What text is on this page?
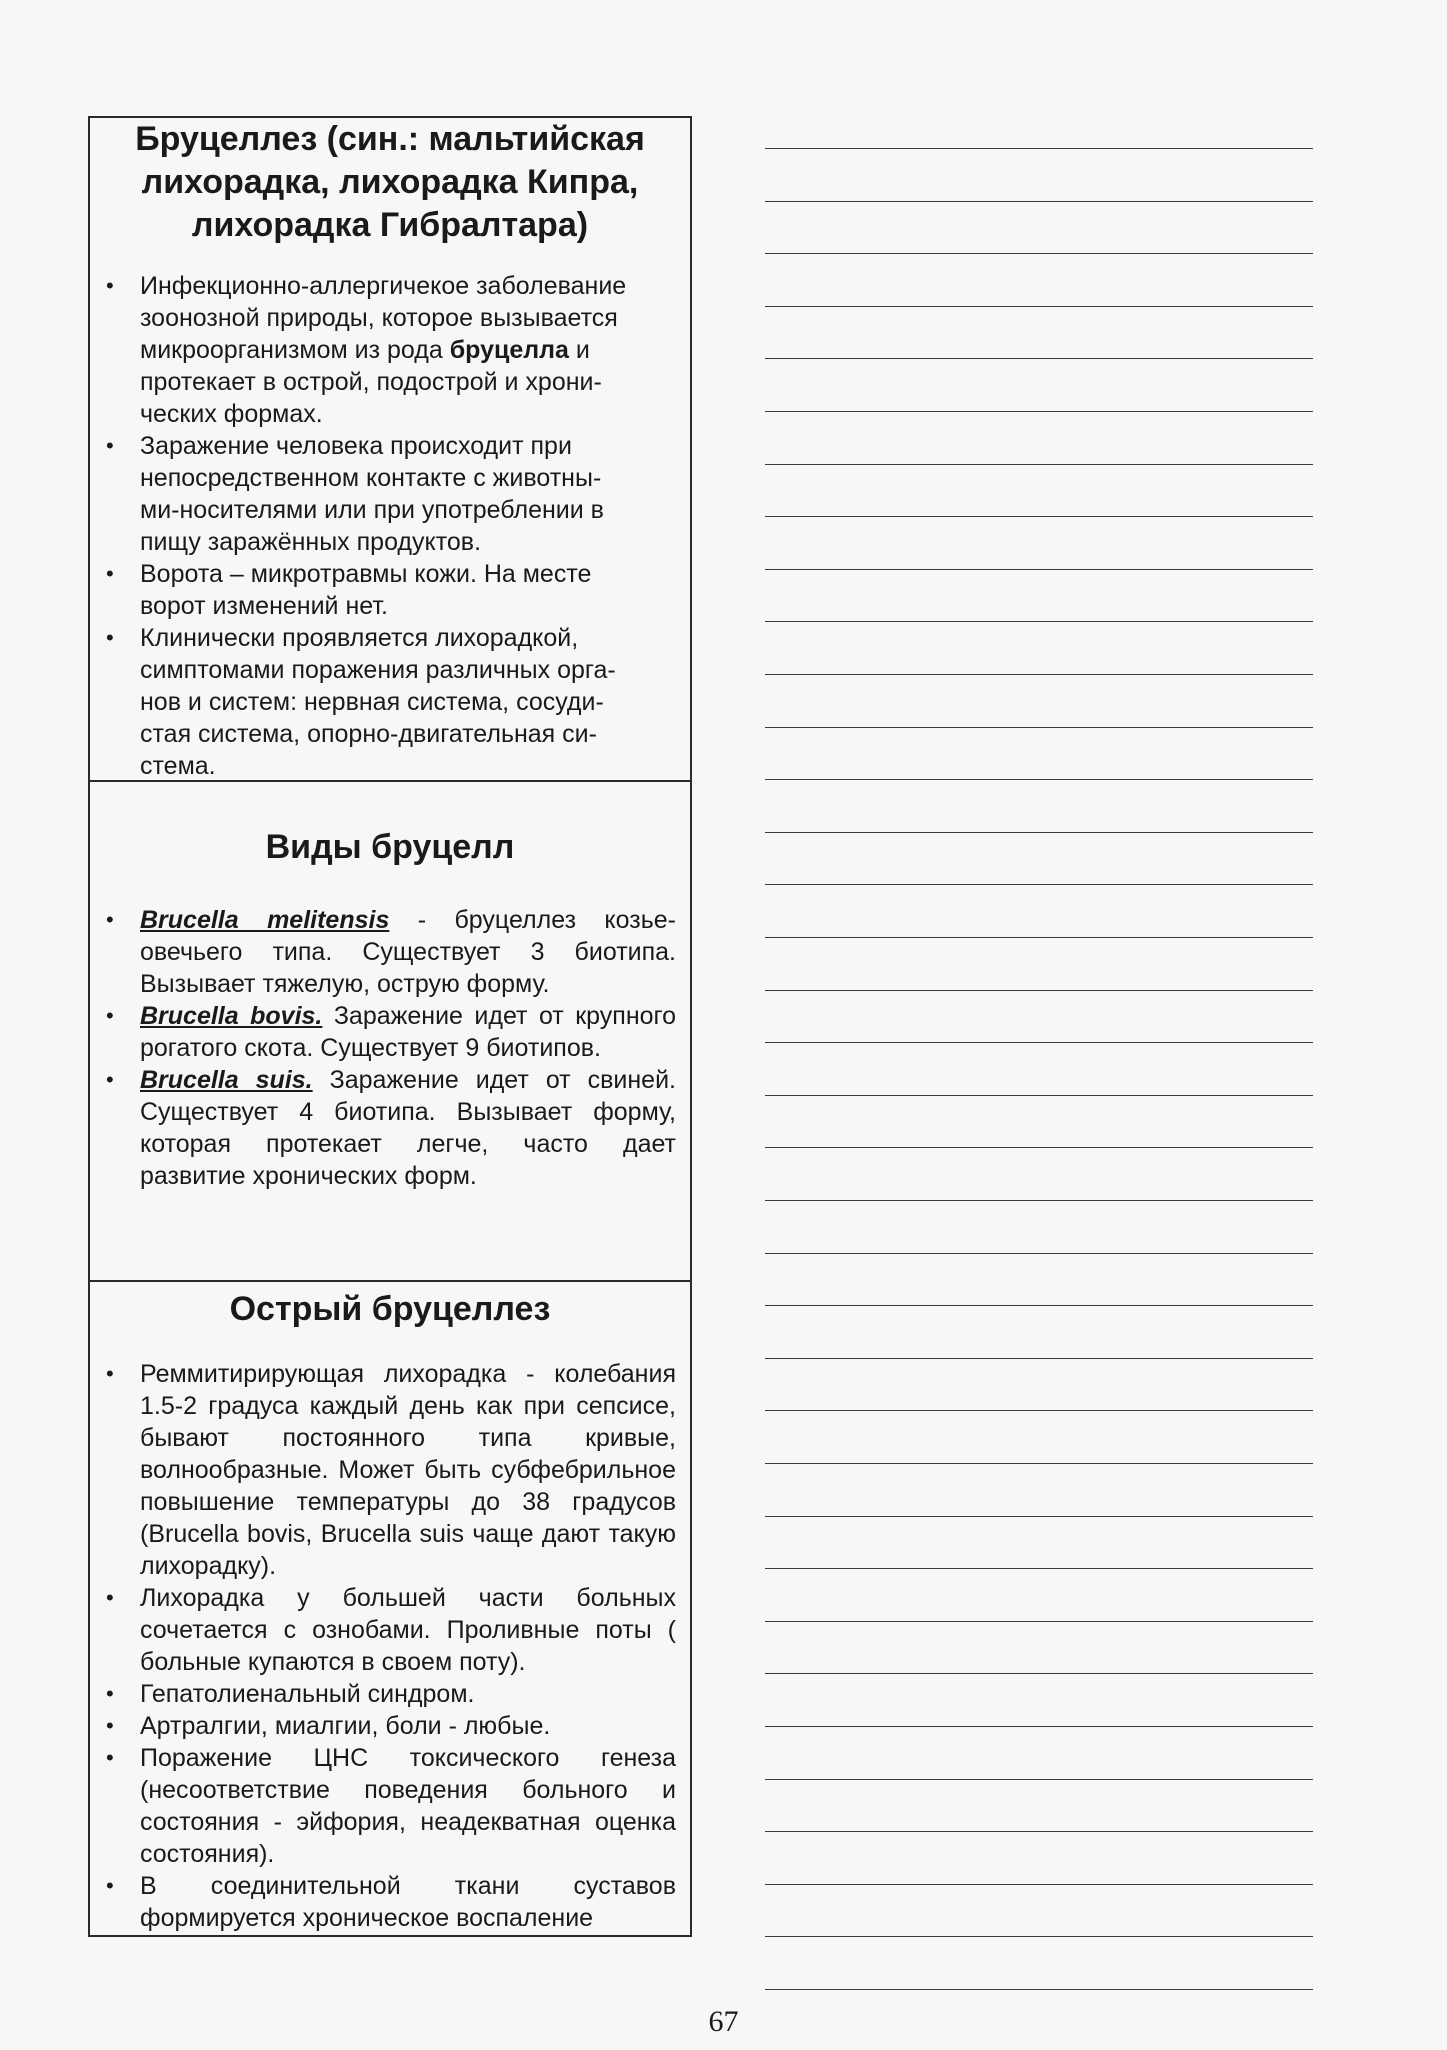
Бруцеллез (син.: мальтийская
лихорадка, лихорадка Кипра,
лихорадка Гибралтара)
• Инфекционно-аллергичекое заболевание
зоонозной природы, которое вызывается
микроорганизмом из рода бруцелла и
протекает в острой, подострой и хрони-
ческих формах.
• Заражение человека происходит при
непосредственном контакте с животны-
ми-носителями или при употреблении в
пищу заражённых продуктов.
• Ворота – микротравмы кожи. На месте
ворот изменений нет.
• Клинически проявляется лихорадкой,
симптомами поражения различных орга-
нов и систем: нервная система, сосуди-
стая система, опорно-двигательная си-
стема.
Виды бруцелл
• Brucella melitensis - бруцеллез козье-овечьего типа. Существует 3 биотипа. Вызывает тяжелую, острую форму.
• Brucella bovis. Заражение идет от крупного рогатого скота. Существует 9 биотипов.
• Brucella suis. Заражение идет от свиней. Существует 4 биотипа. Вызывает форму, которая протекает легче, часто дает развитие хронических форм.
Острый бруцеллез
• Реммитирирующая лихорадка - колебания 1.5-2 градуса каждый день как при сепсисе, бывают постоянного типа кривые, волнообразные. Может быть субфебрильное повышение температуры до 38 градусов (Brucella bovis, Brucella suis чаще дают такую лихорадку).
• Лихорадка у большей части больных сочетается с ознобами. Проливные поты ( больные купаются в своем поту).
• Гепатолиенальный синдром.
• Артралгии, миалгии, боли - любые.
• Поражение ЦНС токсического генеза (несоответствие поведения больного и состояния - эйфория, неадекватная оценка состояния).
• В соединительной ткани суставов формируется хроническое воспаление
67
